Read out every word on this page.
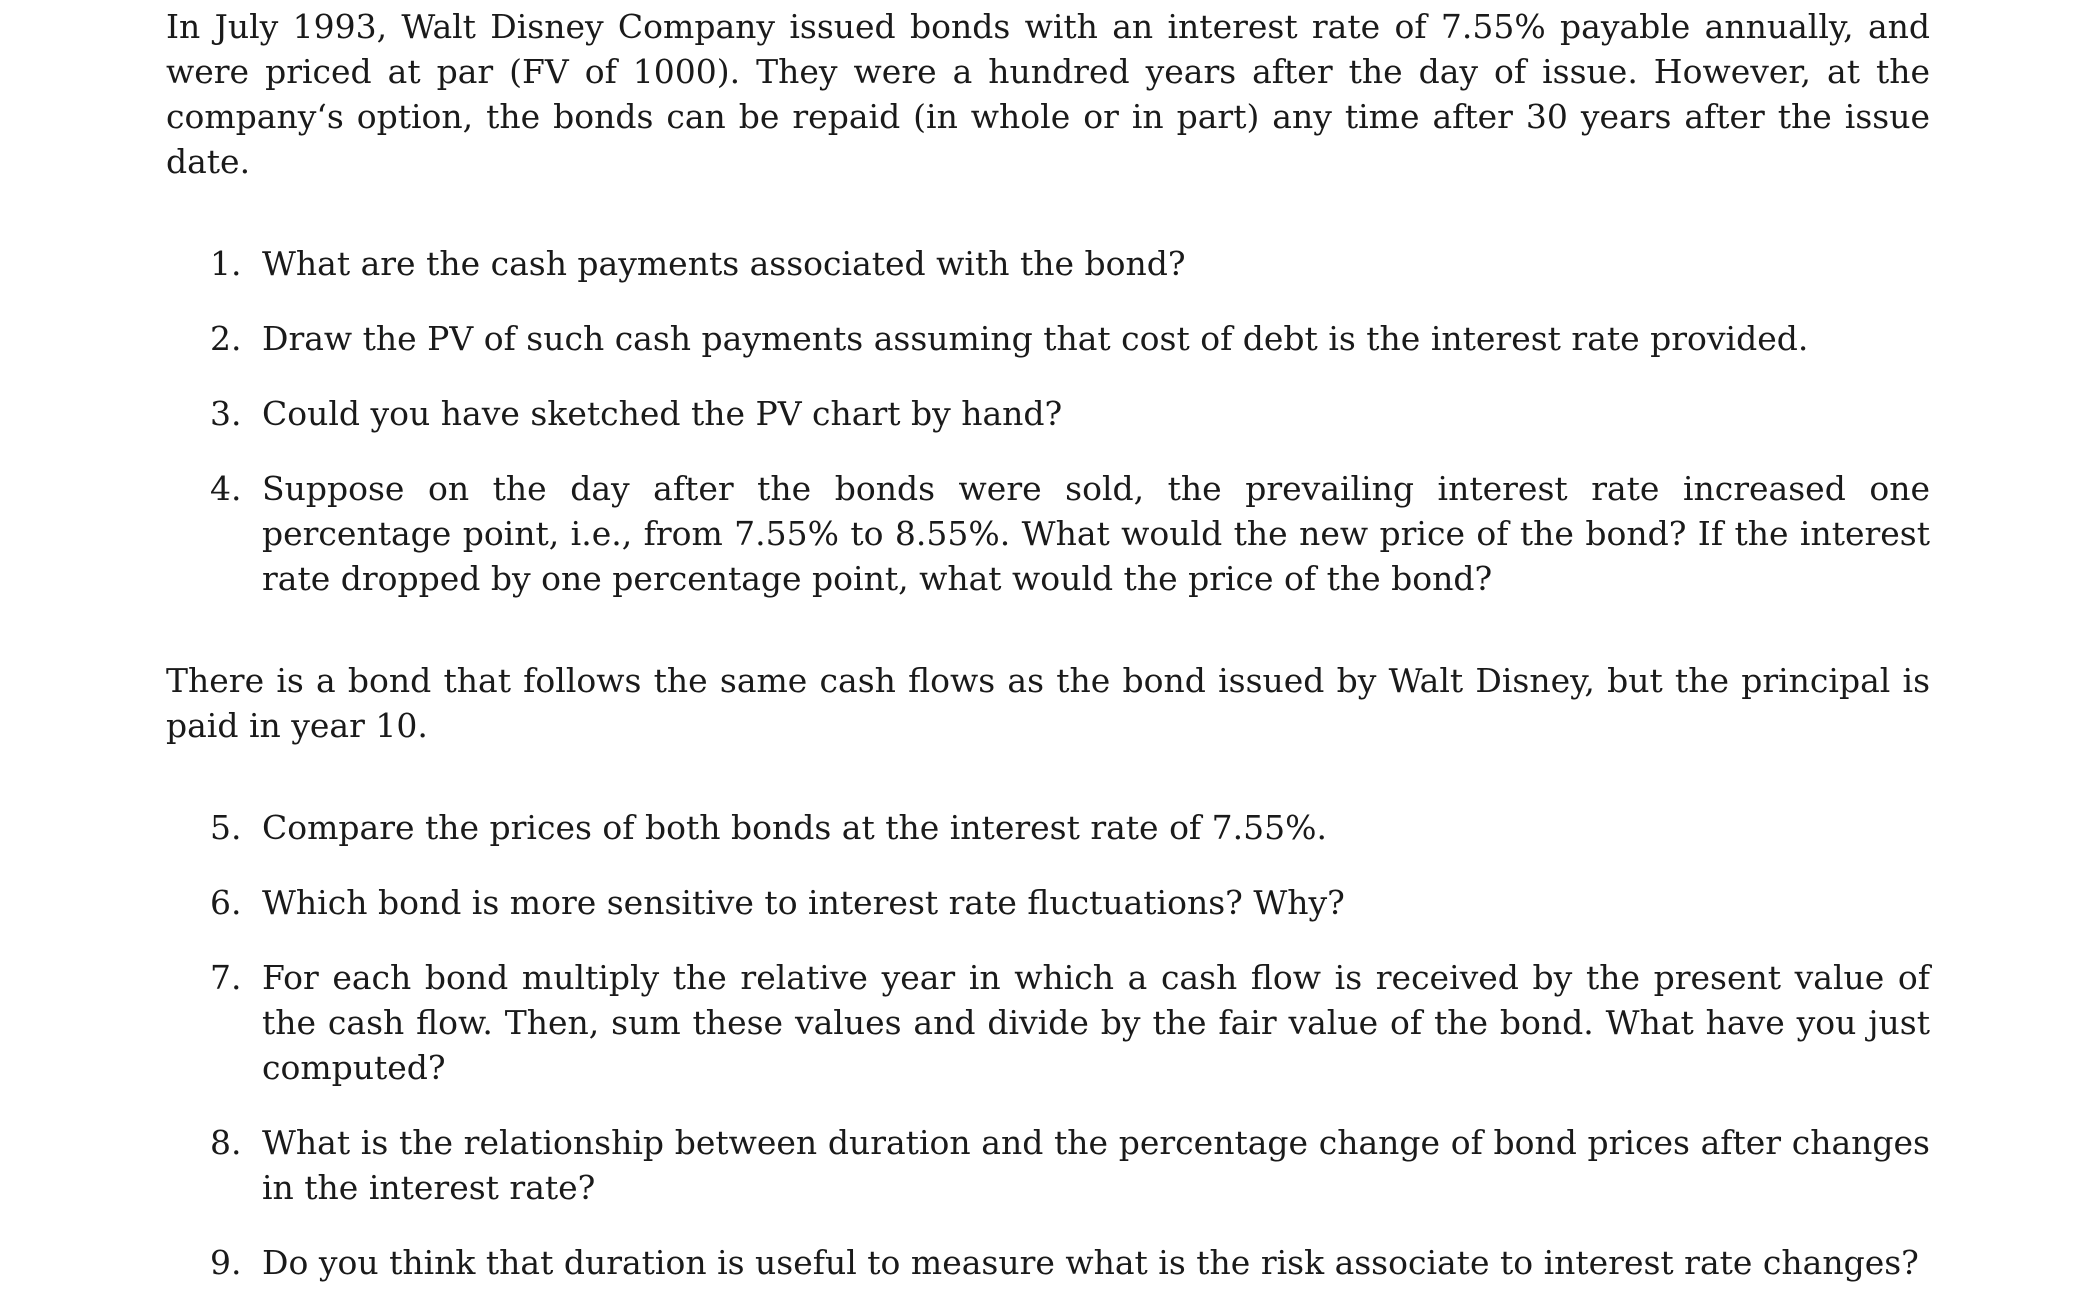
In July 1993, Walt Disney Company issued bonds with an interest rate of 7.55% payable annually, and were priced at par (FV of 1000). They were a hundred years after the day of issue. However, at the company‘s option, the bonds can be repaid (in whole or in part) any time after 30 years after the issue date.

1. What are the cash payments associated with the bond?
2. Draw the PV of such cash payments assuming that cost of debt is the interest rate provided.
3. Could you have sketched the PV chart by hand?
4. Suppose on the day after the bonds were sold, the prevailing interest rate increased one percentage point, i.e., from 7.55% to 8.55%. What would the new price of the bond? If the interest rate dropped by one percentage point, what would the price of the bond?

There is a bond that follows the same cash flows as the bond issued by Walt Disney, but the principal is paid in year 10.

5. Compare the prices of both bonds at the interest rate of 7.55%.
6. Which bond is more sensitive to interest rate fluctuations? Why?
7. For each bond multiply the relative year in which a cash flow is received by the present value of the cash flow. Then, sum these values and divide by the fair value of the bond. What have you just computed?
8. What is the relationship between duration and the percentage change of bond prices after changes in the interest rate?
9. Do you think that duration is useful to measure what is the risk associate to interest rate changes?
